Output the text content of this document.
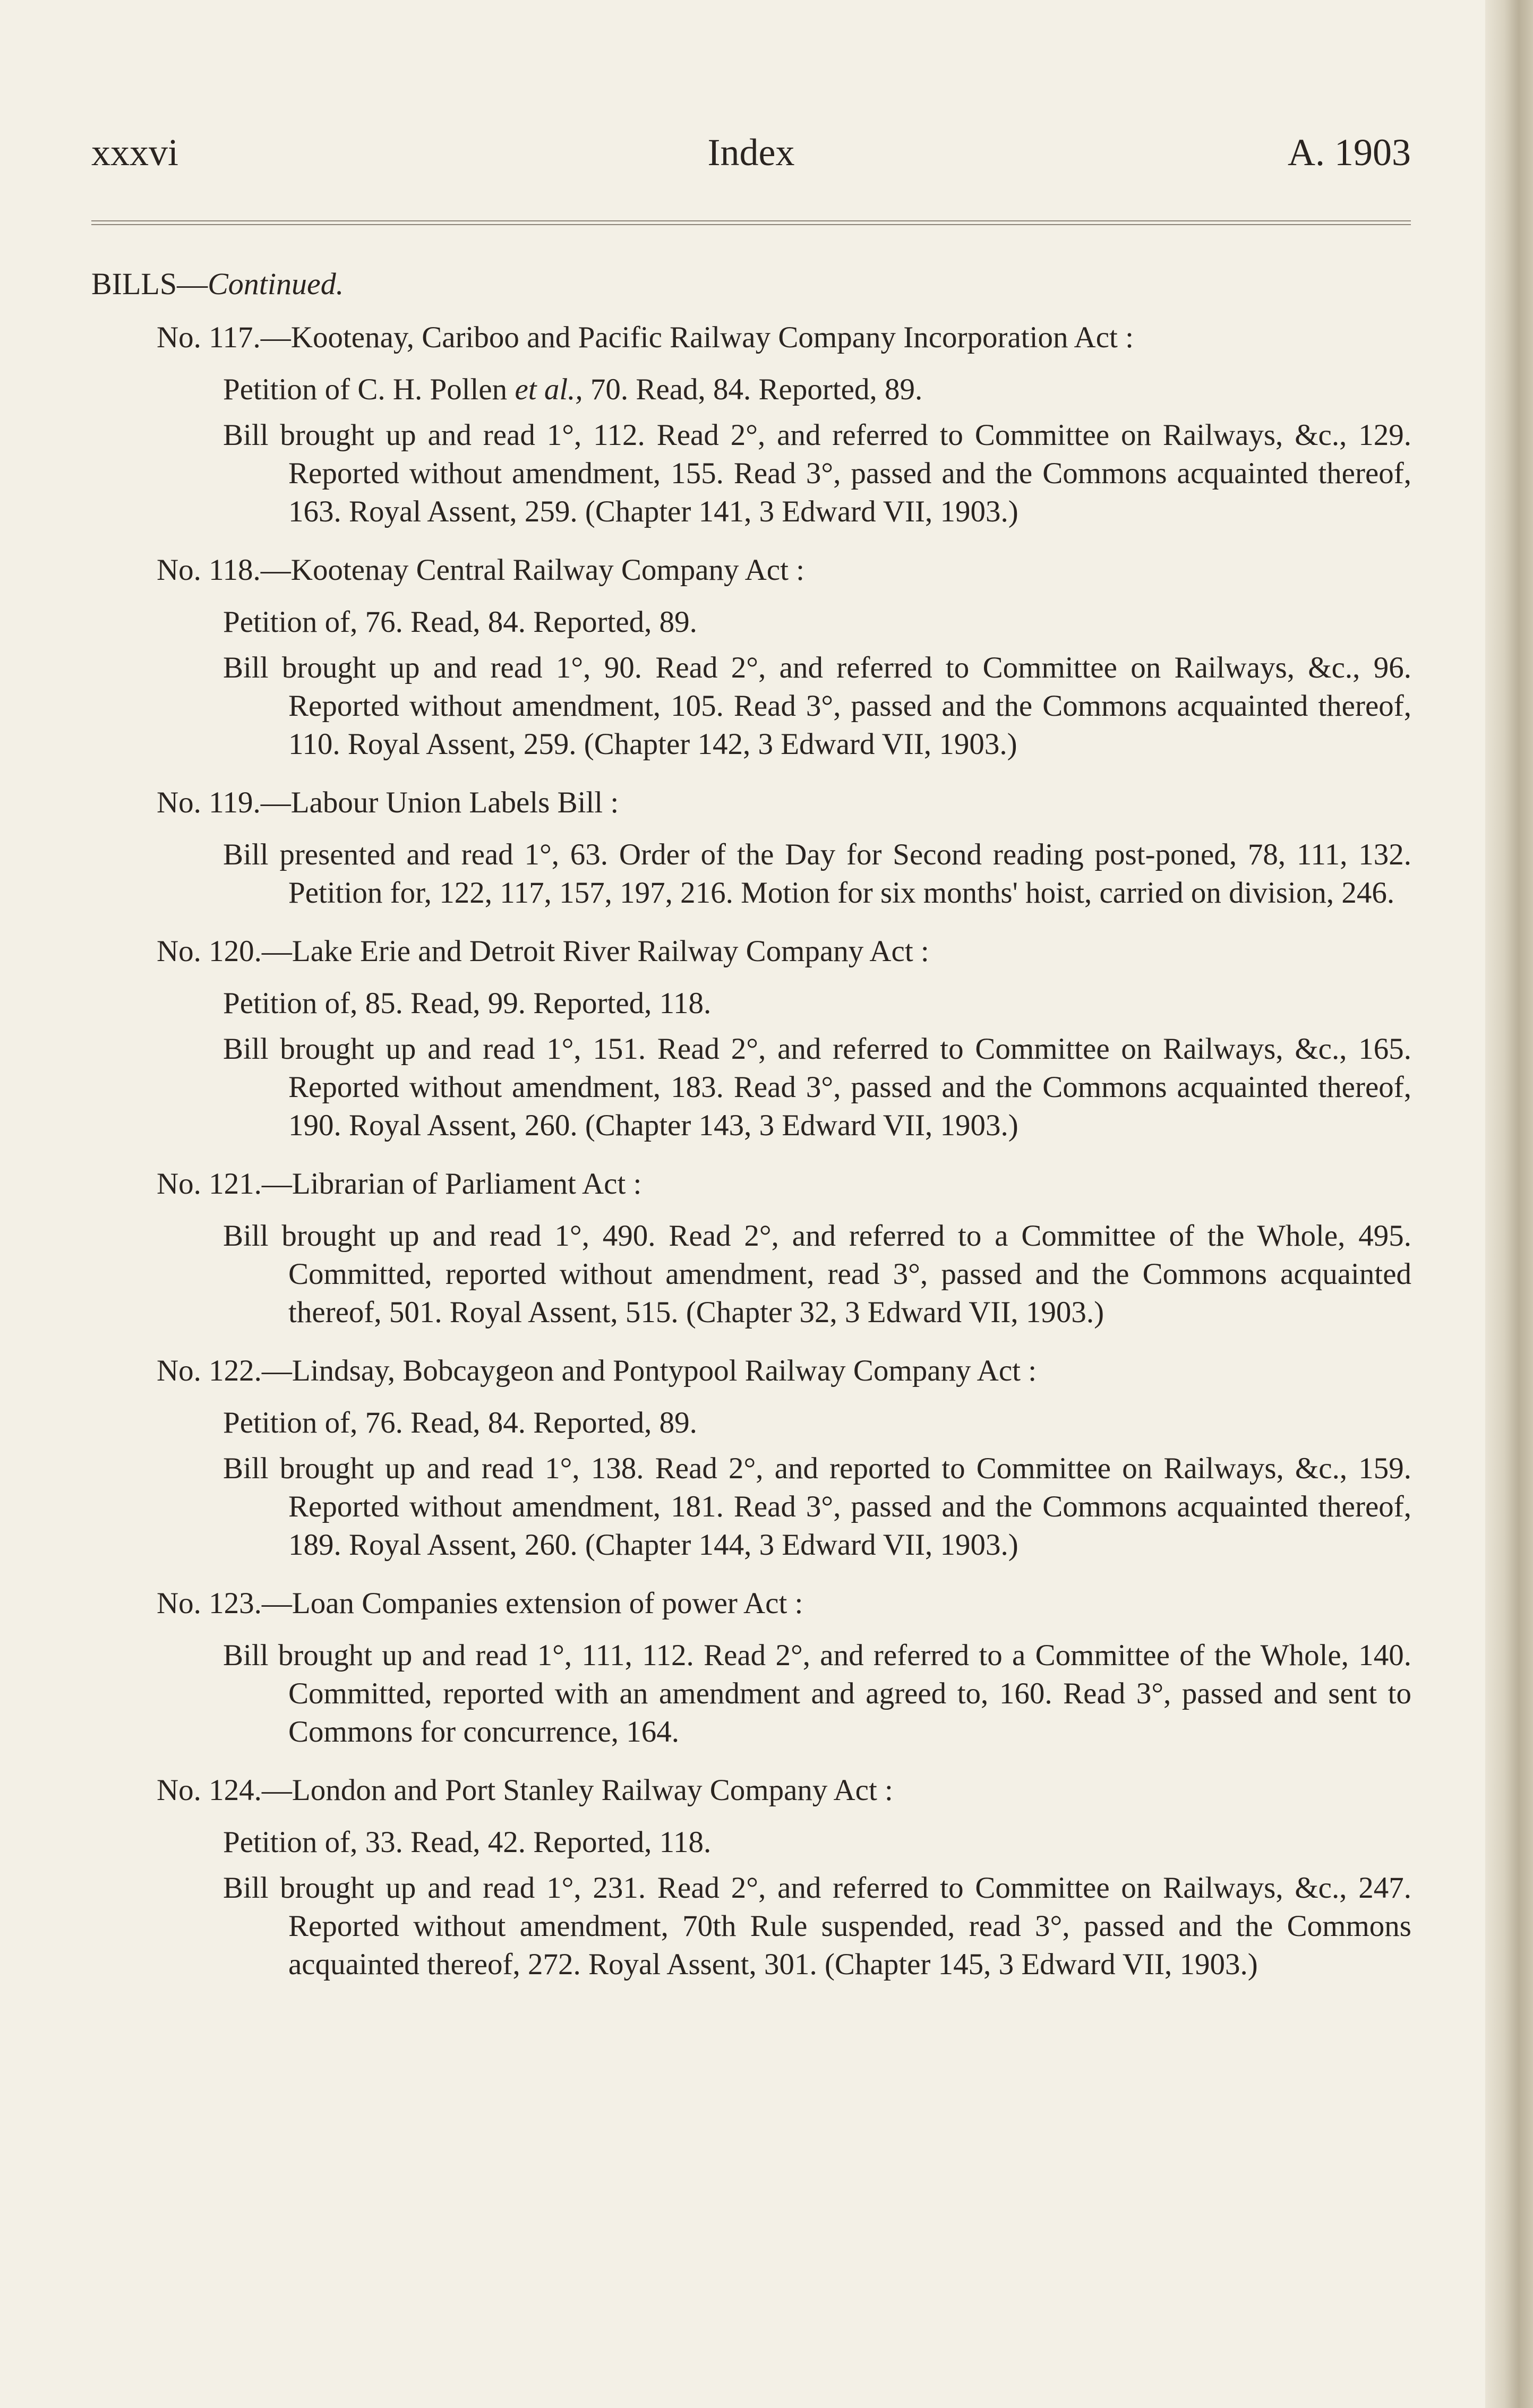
xxxvi	Index	A. 1903
BILLS—Continued.
No. 117.—Kootenay, Cariboo and Pacific Railway Company Incorporation Act :
Petition of C. H. Pollen et al., 70. Read, 84. Reported, 89.
Bill brought up and read 1°, 112. Read 2°, and referred to Committee on Railways, &c., 129. Reported without amendment, 155. Read 3°, passed and the Commons acquainted thereof, 163. Royal Assent, 259. (Chapter 141, 3 Edward VII, 1903.)
No. 118.—Kootenay Central Railway Company Act :
Petition of, 76. Read, 84. Reported, 89.
Bill brought up and read 1°, 90. Read 2°, and referred to Committee on Railways, &c., 96. Reported without amendment, 105. Read 3°, passed and the Commons acquainted thereof, 110. Royal Assent, 259. (Chapter 142, 3 Edward VII, 1903.)
No. 119.—Labour Union Labels Bill :
Bill presented and read 1°, 63. Order of the Day for Second reading post-poned, 78, 111, 132. Petition for, 122, 117, 157, 197, 216. Motion for six months' hoist, carried on division, 246.
No. 120.—Lake Erie and Detroit River Railway Company Act :
Petition of, 85. Read, 99. Reported, 118.
Bill brought up and read 1°, 151. Read 2°, and referred to Committee on Railways, &c., 165. Reported without amendment, 183. Read 3°, passed and the Commons acquainted thereof, 190. Royal Assent, 260. (Chapter 143, 3 Edward VII, 1903.)
No. 121.—Librarian of Parliament Act :
Bill brought up and read 1°, 490. Read 2°, and referred to a Committee of the Whole, 495. Committed, reported without amendment, read 3°, passed and the Commons acquainted thereof, 501. Royal Assent, 515. (Chapter 32, 3 Edward VII, 1903.)
No. 122.—Lindsay, Bobcaygeon and Pontypool Railway Company Act :
Petition of, 76. Read, 84. Reported, 89.
Bill brought up and read 1°, 138. Read 2°, and reported to Committee on Railways, &c., 159. Reported without amendment, 181. Read 3°, passed and the Commons acquainted thereof, 189. Royal Assent, 260. (Chapter 144, 3 Edward VII, 1903.)
No. 123.—Loan Companies extension of power Act :
Bill brought up and read 1°, 111, 112. Read 2°, and referred to a Committee of the Whole, 140. Committed, reported with an amendment and agreed to, 160. Read 3°, passed and sent to Commons for concurrence, 164.
No. 124.—London and Port Stanley Railway Company Act :
Petition of, 33. Read, 42. Reported, 118.
Bill brought up and read 1°, 231. Read 2°, and referred to Committee on Railways, &c., 247. Reported without amendment, 70th Rule suspended, read 3°, passed and the Commons acquainted thereof, 272. Royal Assent, 301. (Chapter 145, 3 Edward VII, 1903.)
